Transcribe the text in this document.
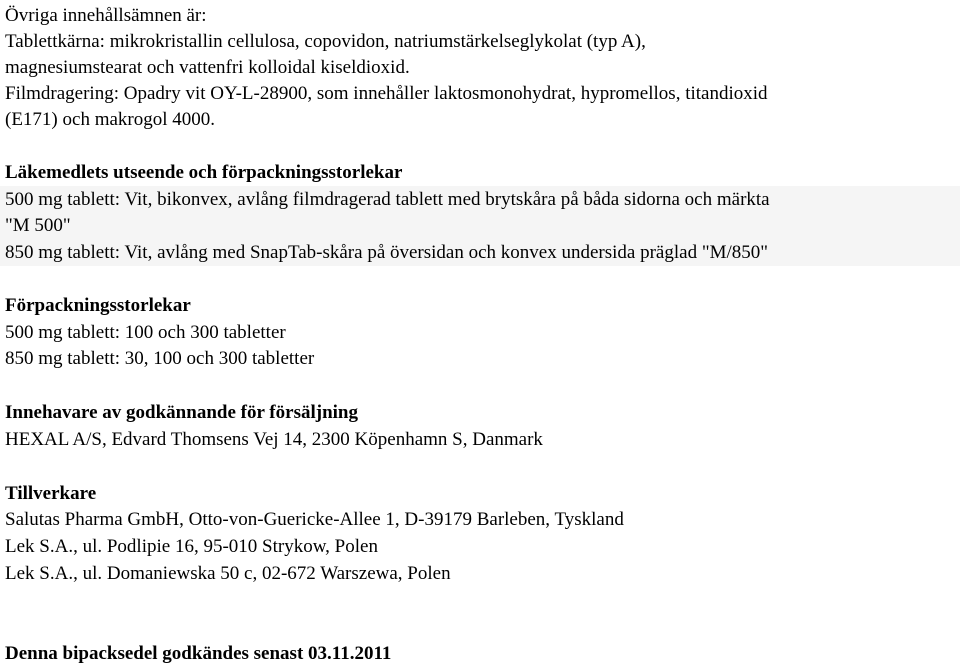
Övriga innehållsämnen är:

Tablettkärna: mikrokristallin cellulosa, copovidon, natriumstärkelseglykolat (typ A),

magnesiumstearat och vattenfri kolloidal kiseldioxid.

Filmdragering: Opadry vit OY-L-28900, som innehåller laktosmonohydrat, hypromellos, titandioxid

(E171) och makrogol 4000.

Läkemedlets utseende och förpackningsstorlekar

500 mg tablett: Vit, bikonvex, avlång filmdragerad tablett med brytskåra på båda sidorna och märkta

"M 500"

850 mg tablett: Vit, avlång med SnapTab-skåra på översidan och konvex undersida präglad "M/850"

Förpackningsstorlekar

500 mg tablett: 100 och 300 tabletter

850 mg tablett: 30, 100 och 300 tabletter

Innehavare av godkännande för försäljning

HEXAL A/S, Edvard Thomsens Vej 14, 2300 Köpenhamn S, Danmark

Tillverkare

Salutas Pharma GmbH, Otto-von-Guericke-Allee 1, D-39179 Barleben, Tyskland

Lek S.A., ul. Podlipie 16, 95-010 Strykow, Polen

Lek S.A., ul. Domaniewska 50 c, 02-672 Warszewa, Polen

Denna bipacksedel godkändes senast 03.11.2011
